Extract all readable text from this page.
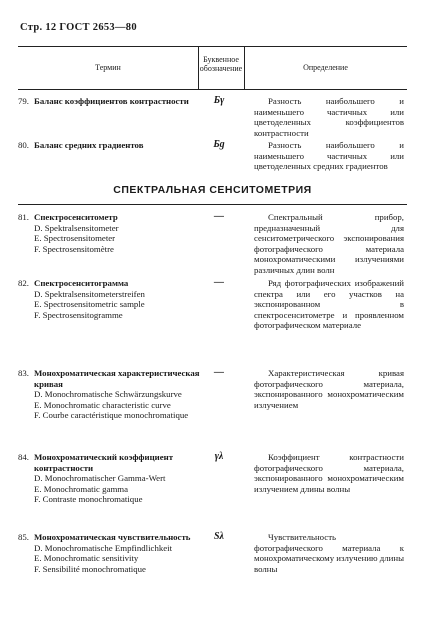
Стр. 12 ГОСТ 2653—80
Термин
Буквенное обозначение	Определение
79. Баланс коэффициентов контрастности	Бγ	Разность наибольшего и наименьшего частичных или цветоделенных коэффициентов контрастности
80. Баланс средних градиентов	Бg	Разность наибольшего и наименьшего частичных или цветоделенных средних градиентов
СПЕКТРАЛЬНАЯ СЕНСИТОМЕТРИЯ
81. Спектросенситометр
D. Spektralsensitometer
E. Spectrosensitometer
F. Spectrosensitomètre
—	Спектральный прибор, предназначенный для сенситометрического экспонирования фотографического материала монохроматическими излучениями различных длин волн
82. Спектросенситограмма
D. Spektralsensitometerstreifen
E. Spectrosensitometric sample
F. Spectrosensitogramme
—	Ряд фотографических изображений спектра или его участков на экспонированном в спектросенситометре и проявленном фотографическом материале
83. Монохроматическая характеристическая кривая
D. Monochromatische Schwärzungskurve
E. Monochromatic characteristic curve
F. Courbe caractéristique monochromatique
—	Характеристическая кривая фотографического материала, экспонированного монохроматическим излучением
84. Монохроматический коэффициент контрастности
D. Monochromatischer Gamma-Wert
E. Monochromatic gamma
F. Contraste monochromatique
γλ	Коэффициент контрастности фотографического материала, экспонированного монохроматическим излучением длины волны
85. Монохроматическая чувствительность
D. Monochromatische Empfindlichkeit
E. Monochromatic sensitivity
F. Sensibilité monochromatique
Sλ	Чувствительность фотографического материала к монохроматическому излучению длины волны
